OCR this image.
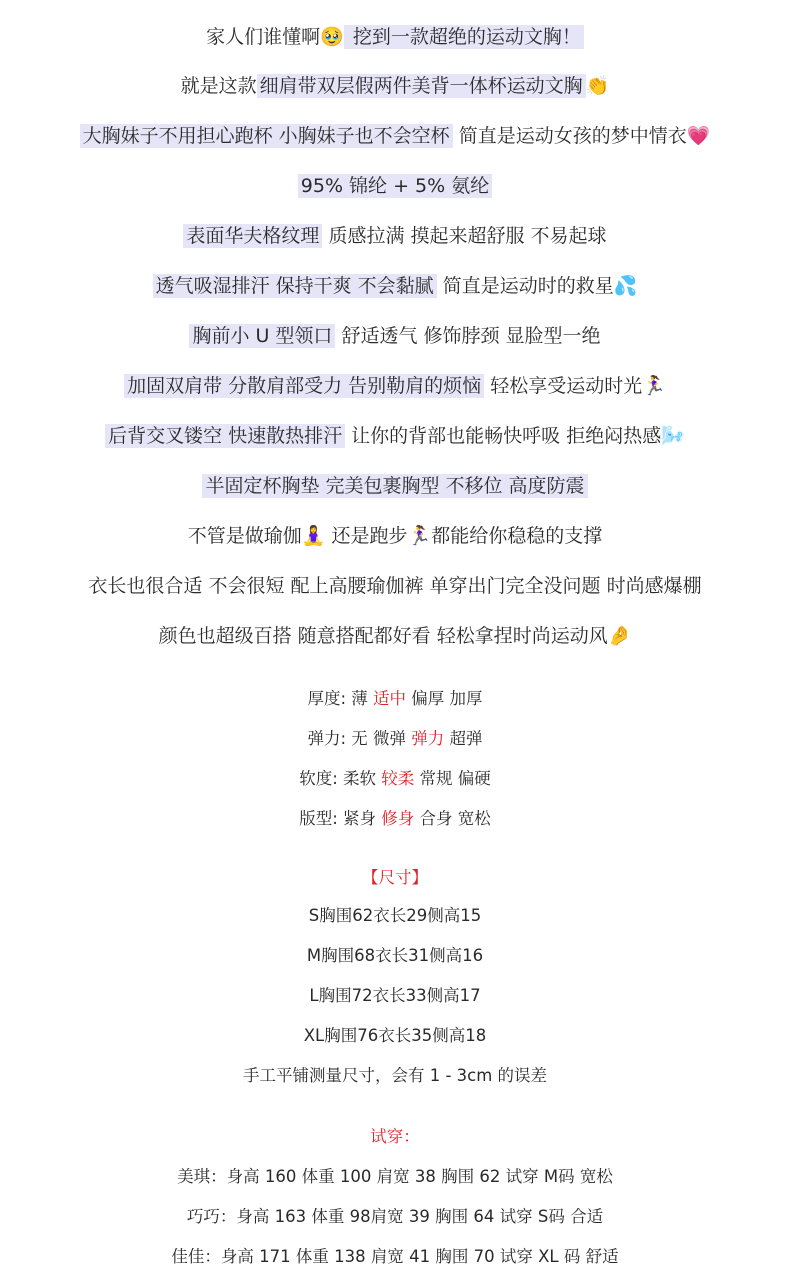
家人们谁懂啊🥹 挖到一款超绝的运动文胸！
就是这款 细肩带双层假两件美背一体杯运动文胸 👏
大胸妹子不用担心跑杯 小胸妹子也不会空杯 简直是运动女孩的梦中情衣💗
95% 锦纶 + 5% 氨纶
表面华夫格纹理 质感拉满 摸起来超舒服 不易起球
透气吸湿排汗 保持干爽 不会黏腻 简直是运动时的救星💦
胸前小 U 型领口 舒适透气 修饰脖颈 显脸型一绝
加固双肩带 分散肩部受力 告别勒肩的烦恼 轻松享受运动时光🏃‍♀️
后背交叉镂空 快速散热排汗 让你的背部也能畅快呼吸 拒绝闷热感🌬️
半固定杯胸垫 完美包裹胸型 不移位 高度防震
不管是做瑜伽🧘‍♀️ 还是跑步🏃‍♀️都能给你稳稳的支撑
衣长也很合适 不会很短 配上高腰瑜伽裤 单穿出门完全没问题 时尚感爆棚
颜色也超级百搭 随意搭配都好看 轻松拿捏时尚运动风🤌
厚度: 薄 适中 偏厚 加厚
弹力: 无 微弹 弹力 超弹
软度: 柔软 较柔 常规 偏硬
版型: 紧身 修身 合身 宽松
【尺寸】
S胸围62衣长29侧高15
M胸围68衣长31侧高16
L胸围72衣长33侧高17
XL胸围76衣长35侧高18
手工平铺测量尺寸，会有 1 - 3cm 的误差
试穿：
美琪：身高 160 体重 100 肩宽 38 胸围 62 试穿 M码 宽松
巧巧：身高 163 体重 98肩宽 39 胸围 64 试穿 S码 合适
佳佳：身高 171 体重 138 肩宽 41 胸围 70 试穿 XL 码 舒适
